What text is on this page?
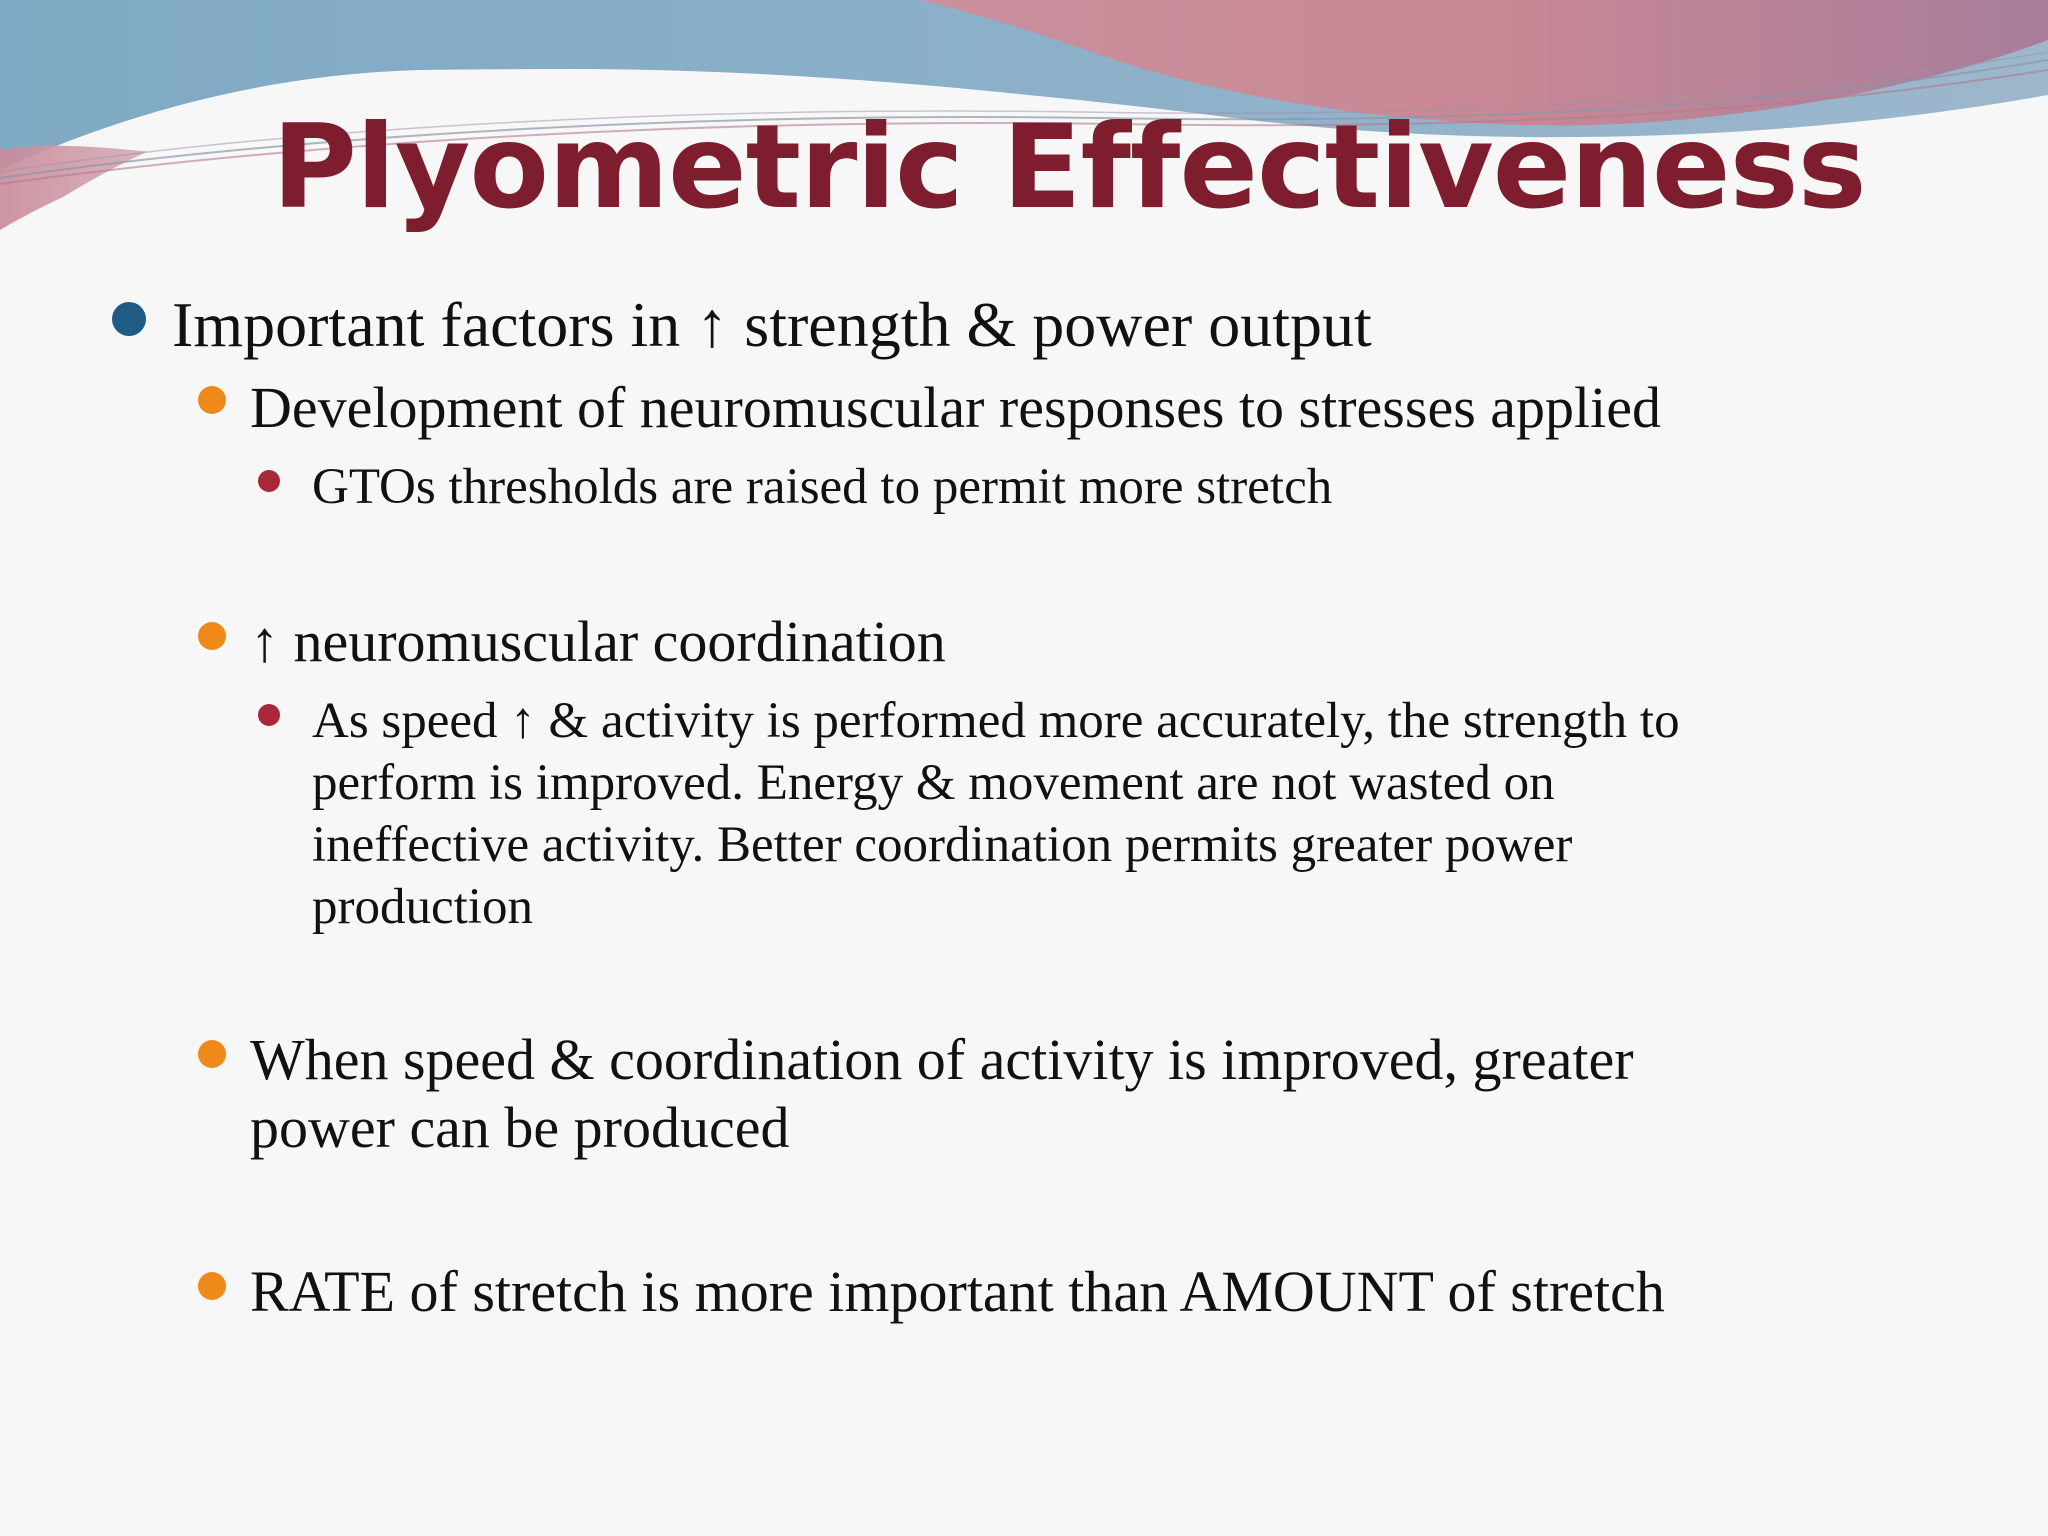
Plyometric Effectiveness
Important factors in ↑ strength & power output
Development of neuromuscular responses to stresses applied
GTOs thresholds are raised to permit more stretch
↑ neuromuscular coordination
As speed ↑ & activity is performed more accurately, the strength to
perform is improved. Energy & movement are not wasted on
ineffective activity. Better coordination permits greater power
production
When speed & coordination of activity is improved, greater
power can be produced
RATE of stretch is more important than AMOUNT of stretch
